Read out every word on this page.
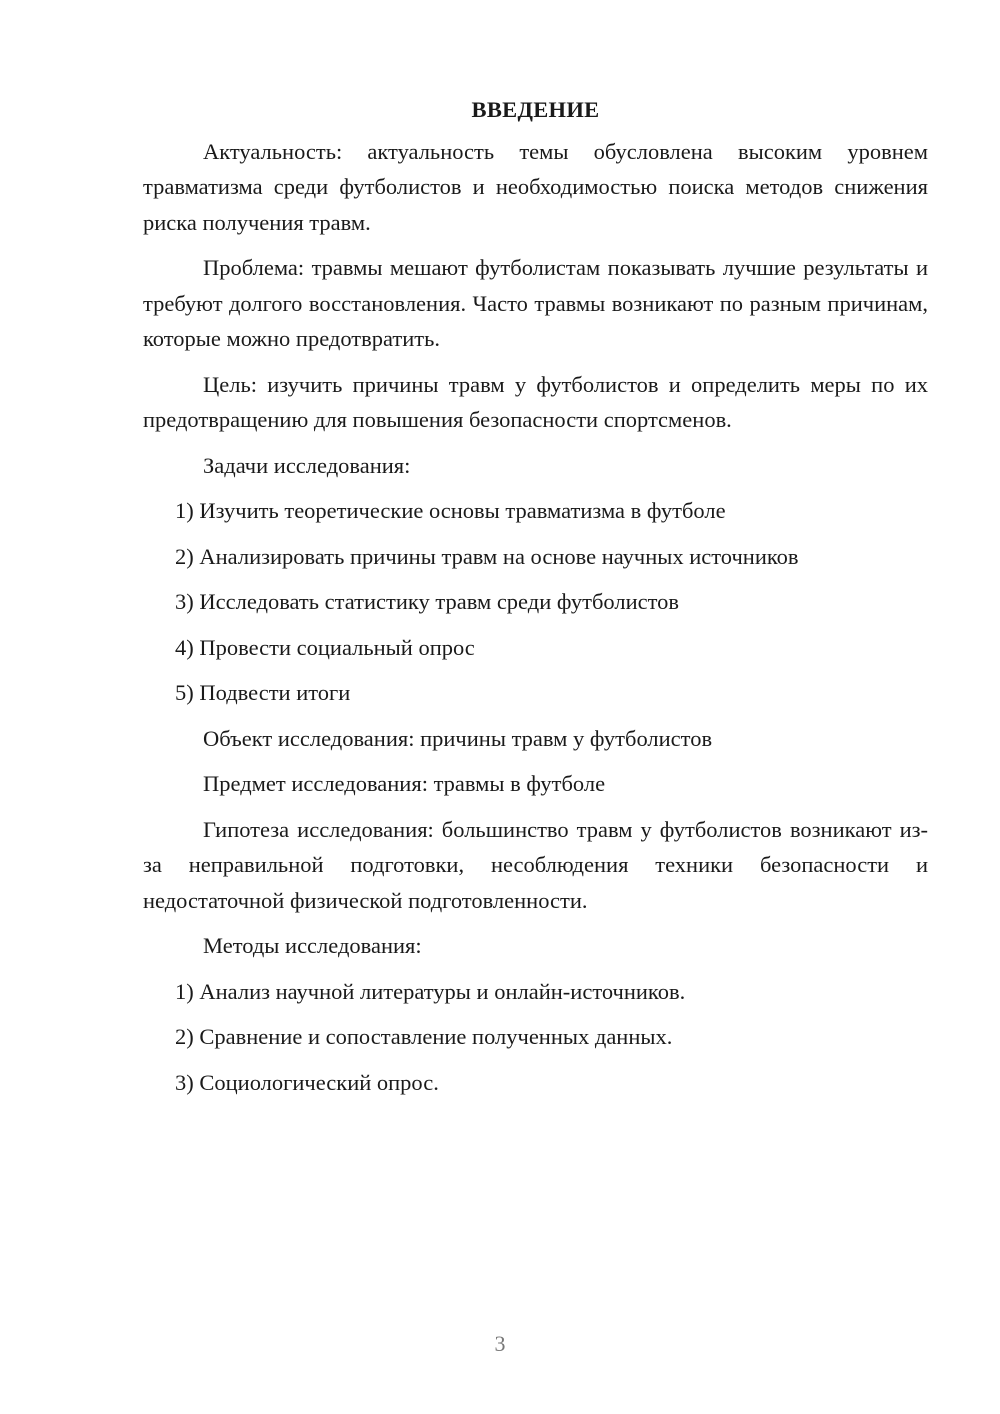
ВВЕДЕНИЕ
Актуальность: актуальность темы обусловлена высоким уровнем травматизма среди футболистов и необходимостью поиска методов снижения риска получения травм.
Проблема: травмы мешают футболистам показывать лучшие результаты и требуют долгого восстановления. Часто травмы возникают по разным причинам, которые можно предотвратить.
Цель: изучить причины травм у футболистов и определить меры по их предотвращению для повышения безопасности спортсменов.
Задачи исследования:
1) Изучить теоретические основы травматизма в футболе
2) Анализировать причины травм на основе научных источников
3) Исследовать статистику травм среди футболистов
4) Провести социальный опрос
5) Подвести итоги
Объект исследования: причины травм у футболистов
Предмет исследования: травмы в футболе
Гипотеза исследования: большинство травм у футболистов возникают из-за неправильной подготовки, несоблюдения техники безопасности и недостаточной физической подготовленности.
Методы исследования:
1) Анализ научной литературы и онлайн-источников.
2) Сравнение и сопоставление полученных данных.
3) Социологический опрос.
3
